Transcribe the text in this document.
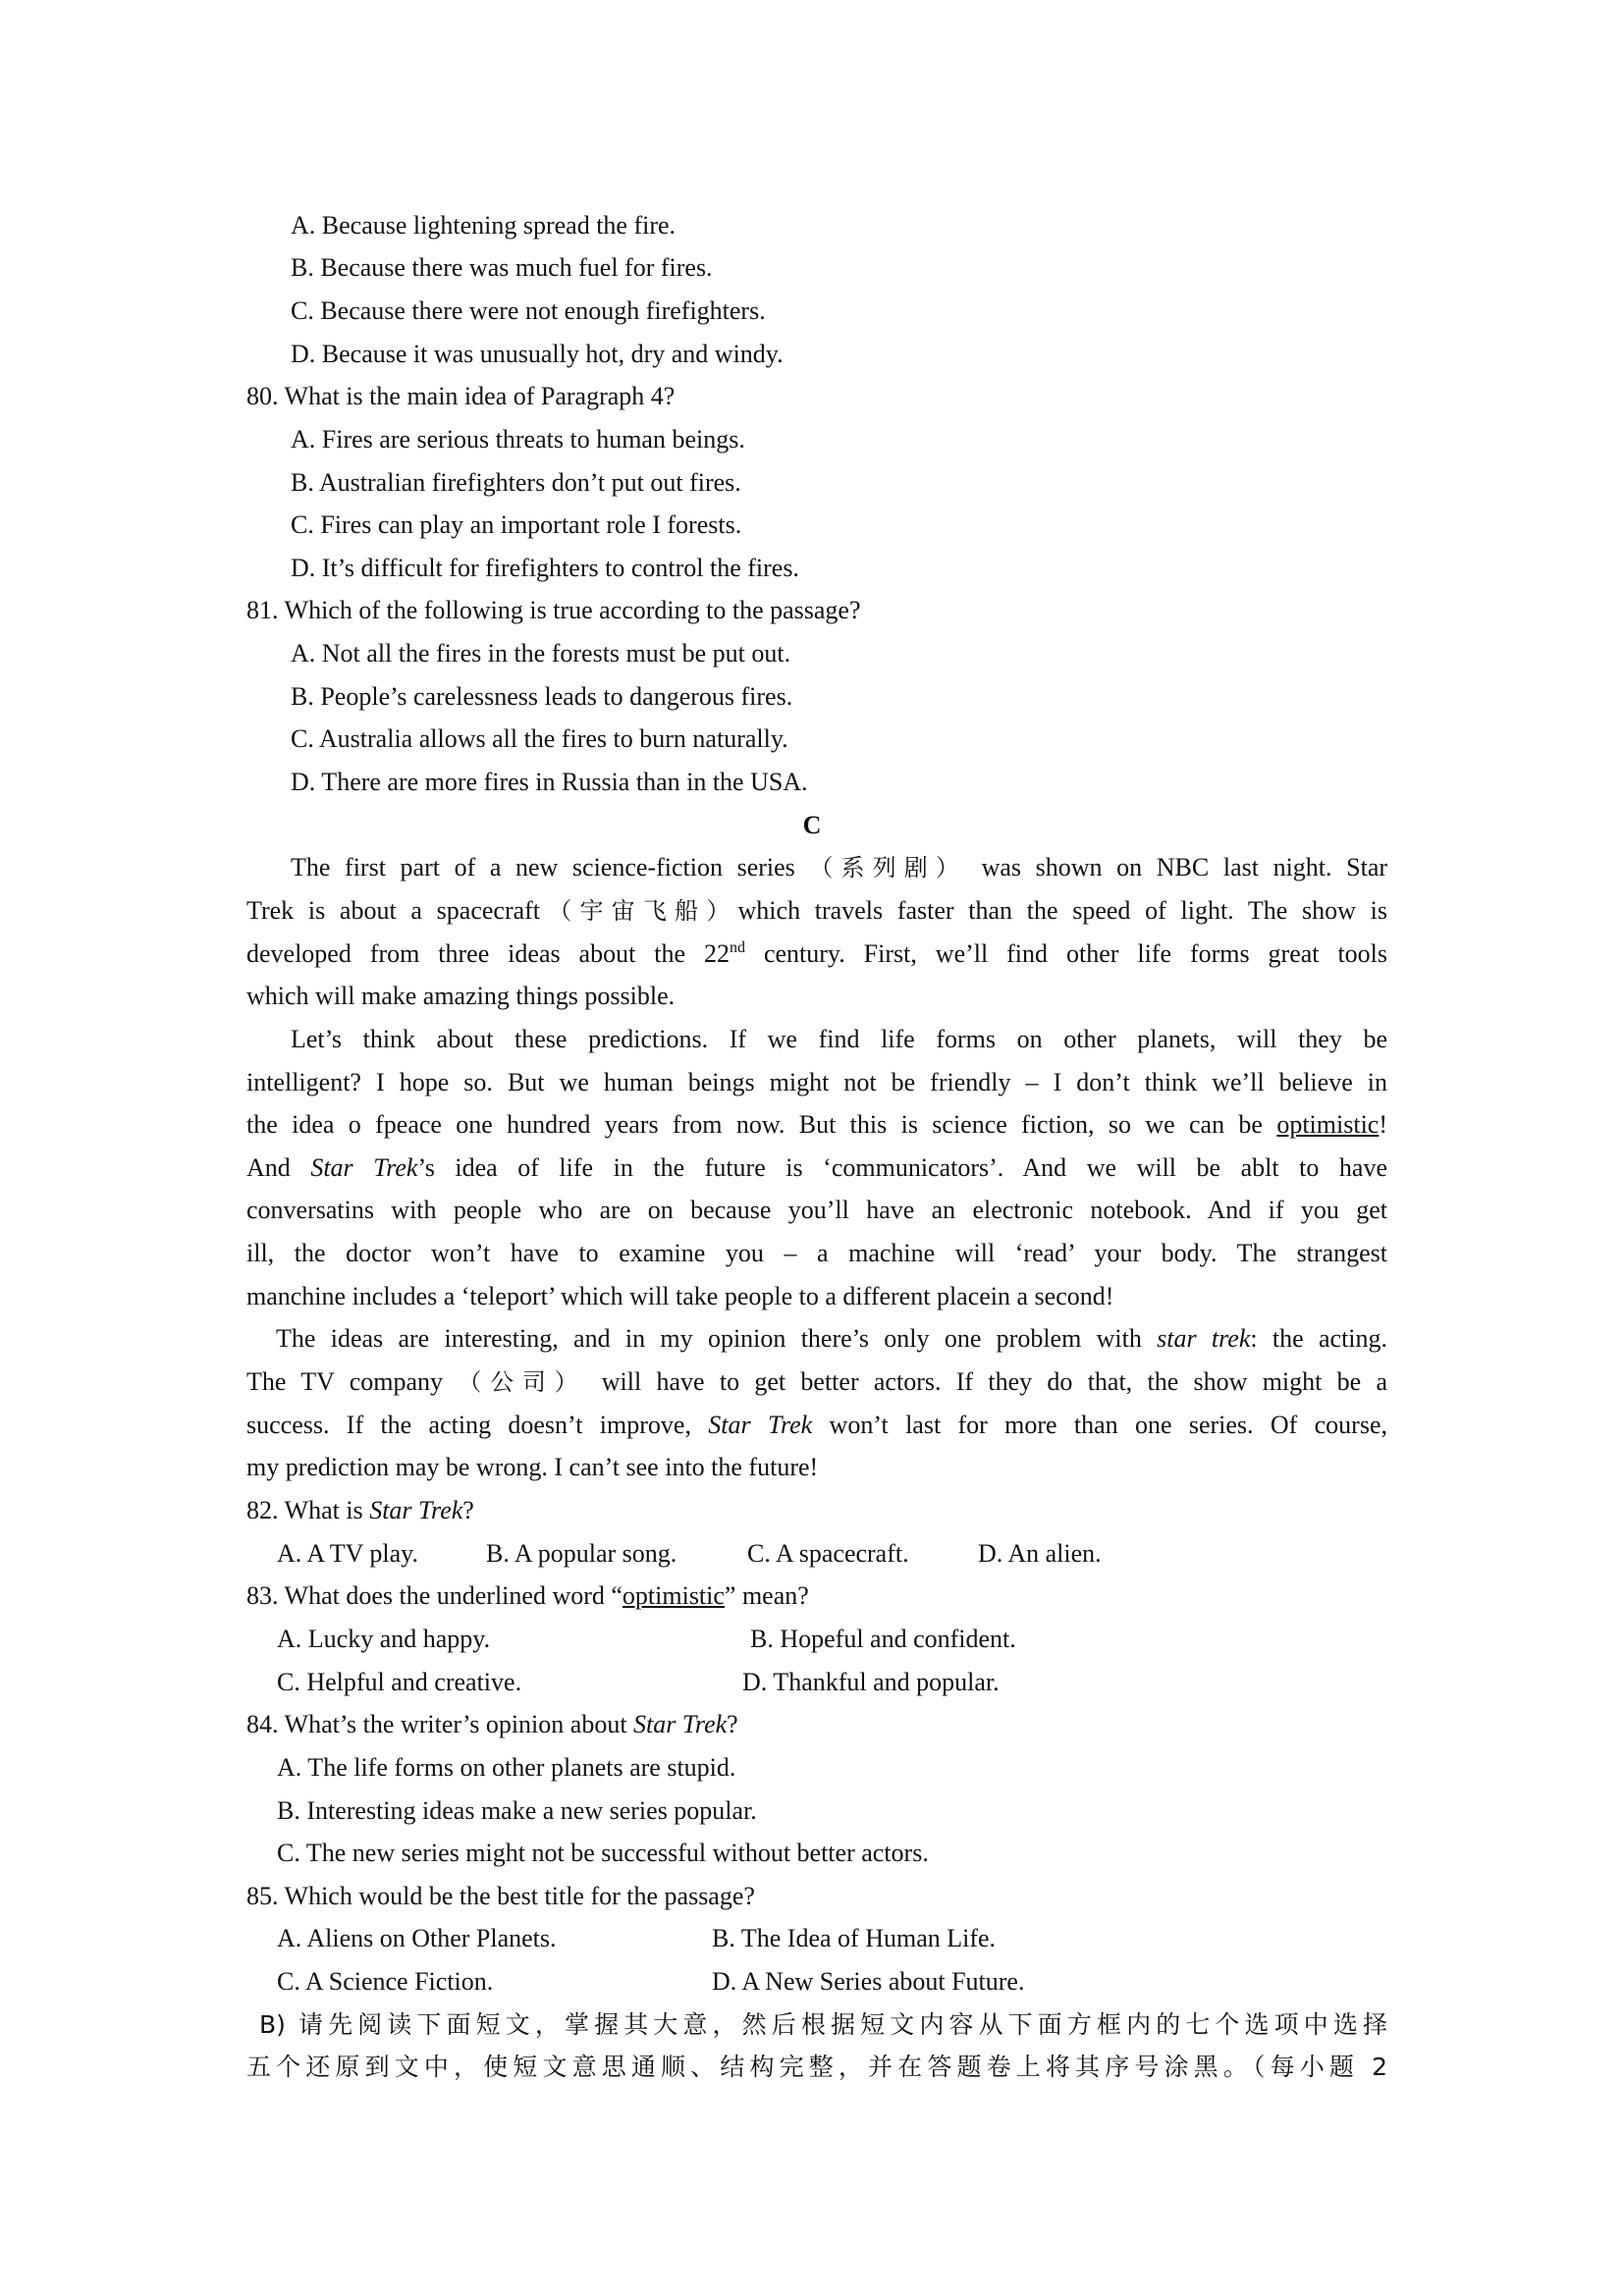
A. Because lightening spread the fire.
B. Because there was much fuel for fires.
C. Because there were not enough firefighters.
D. Because it was unusually hot, dry and windy.
80. What is the main idea of Paragraph 4?
A. Fires are serious threats to human beings.
B. Australian firefighters don’t put out fires.
C. Fires can play an important role I forests.
D. It’s difficult for firefighters to control the fires.
81. Which of the following is true according to the passage?
A. Not all the fires in the forests must be put out.
B. People’s carelessness leads to dangerous fires.
C. Australia allows all the fires to burn naturally.
D. There are more fires in Russia than in the USA.
C
The first part of a new science-fiction series （系列剧） was shown on NBC last night. Star
Trek is about a spacecraft（宇宙飞船）which travels faster than the speed of light. The show is
developed from three ideas about the 22nd century. First, we’ll find other life forms great tools
which will make amazing things possible.
Let’s think about these predictions. If we find life forms on other planets, will they be
intelligent? I hope so. But we human beings might not be friendly – I don’t think we’ll believe in
the idea o fpeace one hundred years from now. But this is science fiction, so we can be optimistic!
And Star Trek’s idea of life in the future is ‘communicators’. And we will be ablt to have
conversatins with people who are on because you’ll have an electronic notebook. And if you get
ill, the doctor won’t have to examine you – a machine will ‘read’ your body. The strangest
manchine includes a ‘teleport’ which will take people to a different placein a second!
The ideas are interesting, and in my opinion there’s only one problem with star trek: the acting.
The TV company （公司） will have to get better actors. If they do that, the show might be a
success. If the acting doesn’t improve, Star Trek won’t last for more than one series. Of course,
my prediction may be wrong. I can’t see into the future!
82. What is Star Trek?
A. A TV play.	B. A popular song.	C. A spacecraft.	D. An alien.
83. What does the underlined word “optimistic” mean?
A. Lucky and happy.	B. Hopeful and confident.
C. Helpful and creative.	D. Thankful and popular.
84. What’s the writer’s opinion about Star Trek?
A. The life forms on other planets are stupid.
B. Interesting ideas make a new series popular.
C. The new series might not be successful without better actors.
85. Which would be the best title for the passage?
A. Aliens on Other Planets.	B. The Idea of Human Life.
C. A Science Fiction.	D. A New Series about Future.
B) 请先阅读下面短文，掌握其大意，然后根据短文内容从下面方框内的七个选项中选择
五个还原到文中，使短文意思通顺、结构完整，并在答题卷上将其序号涂黑。（每小题 2
